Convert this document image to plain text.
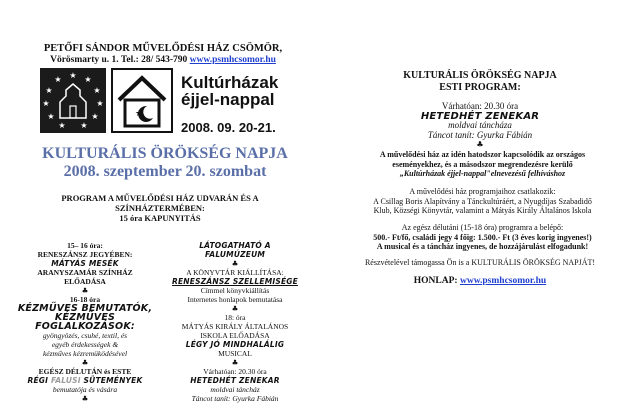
PETŐFI SÁNDOR MŰVELŐDÉSI HÁZ CSÖMÖR,
Vörösmarty u. 1. Tel.: 28/ 543-790 www.psmhcsomor.hu
★ ★
★
★
★
★
★
★
★
★
★
★
Kultúrházak
éjjel-nappal
2008. 09. 20-21.
KULTURÁLIS ÖRÖKSÉG NAPJA
2008. szeptember 20. szombat
PROGRAM A MŰVELŐDÉSI HÁZ UDVARÁN ÉS A
SZÍNHÁZTERMÉBEN:
15 óra KAPUNYITÁS
15– 16 óra:
RENESZÁNSZ JEGYÉBEN:
MÁTYÁS MESÉK
ARANYSZAMÁR SZÍNHÁZ
ELŐADÁSA
♣
16-18 óra
KÉZMŰVES BEMUTATÓK,
KÉZMŰVES
FOGLALKOZÁSOK:
gyöngyözés, csuhé, textil, és
egyéb érdekességek &
kézműves kézremüködésével
♣
EGÉSZ DÉLUTÁN és ESTE
RÉGI FALUSI SÜTEMÉNYEK
bemutatója és vására
♣
LÁTOGATHATÓ A
FALUMÚZEUM
♣
A KÖNYVTÁR KIÁLLÍTÁSA:
RENESZÁNSZ SZELLEMISÉGE
Címmel könyvkiállítás
Internetes honlapok bemutatása
♣
18: óra
MÁTYÁS KIRÁLY ÁLTALÁNOS
ISKOLA ELŐADÁSA
LÉGY JÓ MINDHALÁLIG
MUSICAL
♣
Várhatóan: 20.30 óra
HETEDHÉT ZENEKAR
moldvai táncház
Táncot tanít: Gyurka Fábián
KULTURÁLIS ÖRÖKSÉG NAPJA
ESTI PROGRAM:
Várhatóan: 20.30 óra
HETEDHÉT ZENEKAR
moldvai táncháza
Táncot tanít: Gyurka Fábián
♣
A művelődési ház az idén hatodszor kapcsolódik az országos
eseményekhez, és a másodszor megrendezésre kerülő
„Kultúrházak éjjel-nappal"elnevezésű felhíváshoz
A művelődési ház programjaihoz csatlakozik:
A Csillag Boris Alapítvány a Tánckultúráért, a Nyugdíjas Szabadidő
Klub, Községi Könyvtár, valamint a Mátyás Király Általános Iskola
Az egész délutáni (15-18 óra) programra a belépő:
500.- Ft/fő, családi jegy 4 főig: 1.500.- Ft (3 éves korig ingyenes!)
A musical és a táncház ingyenes, de hozzájárulást elfogadunk!
Részvételével támogassa Ön is a KULTURÁLIS ÖRÖKSÉG NAPJÁT!
HONLAP: www.psmhcsomor.hu
